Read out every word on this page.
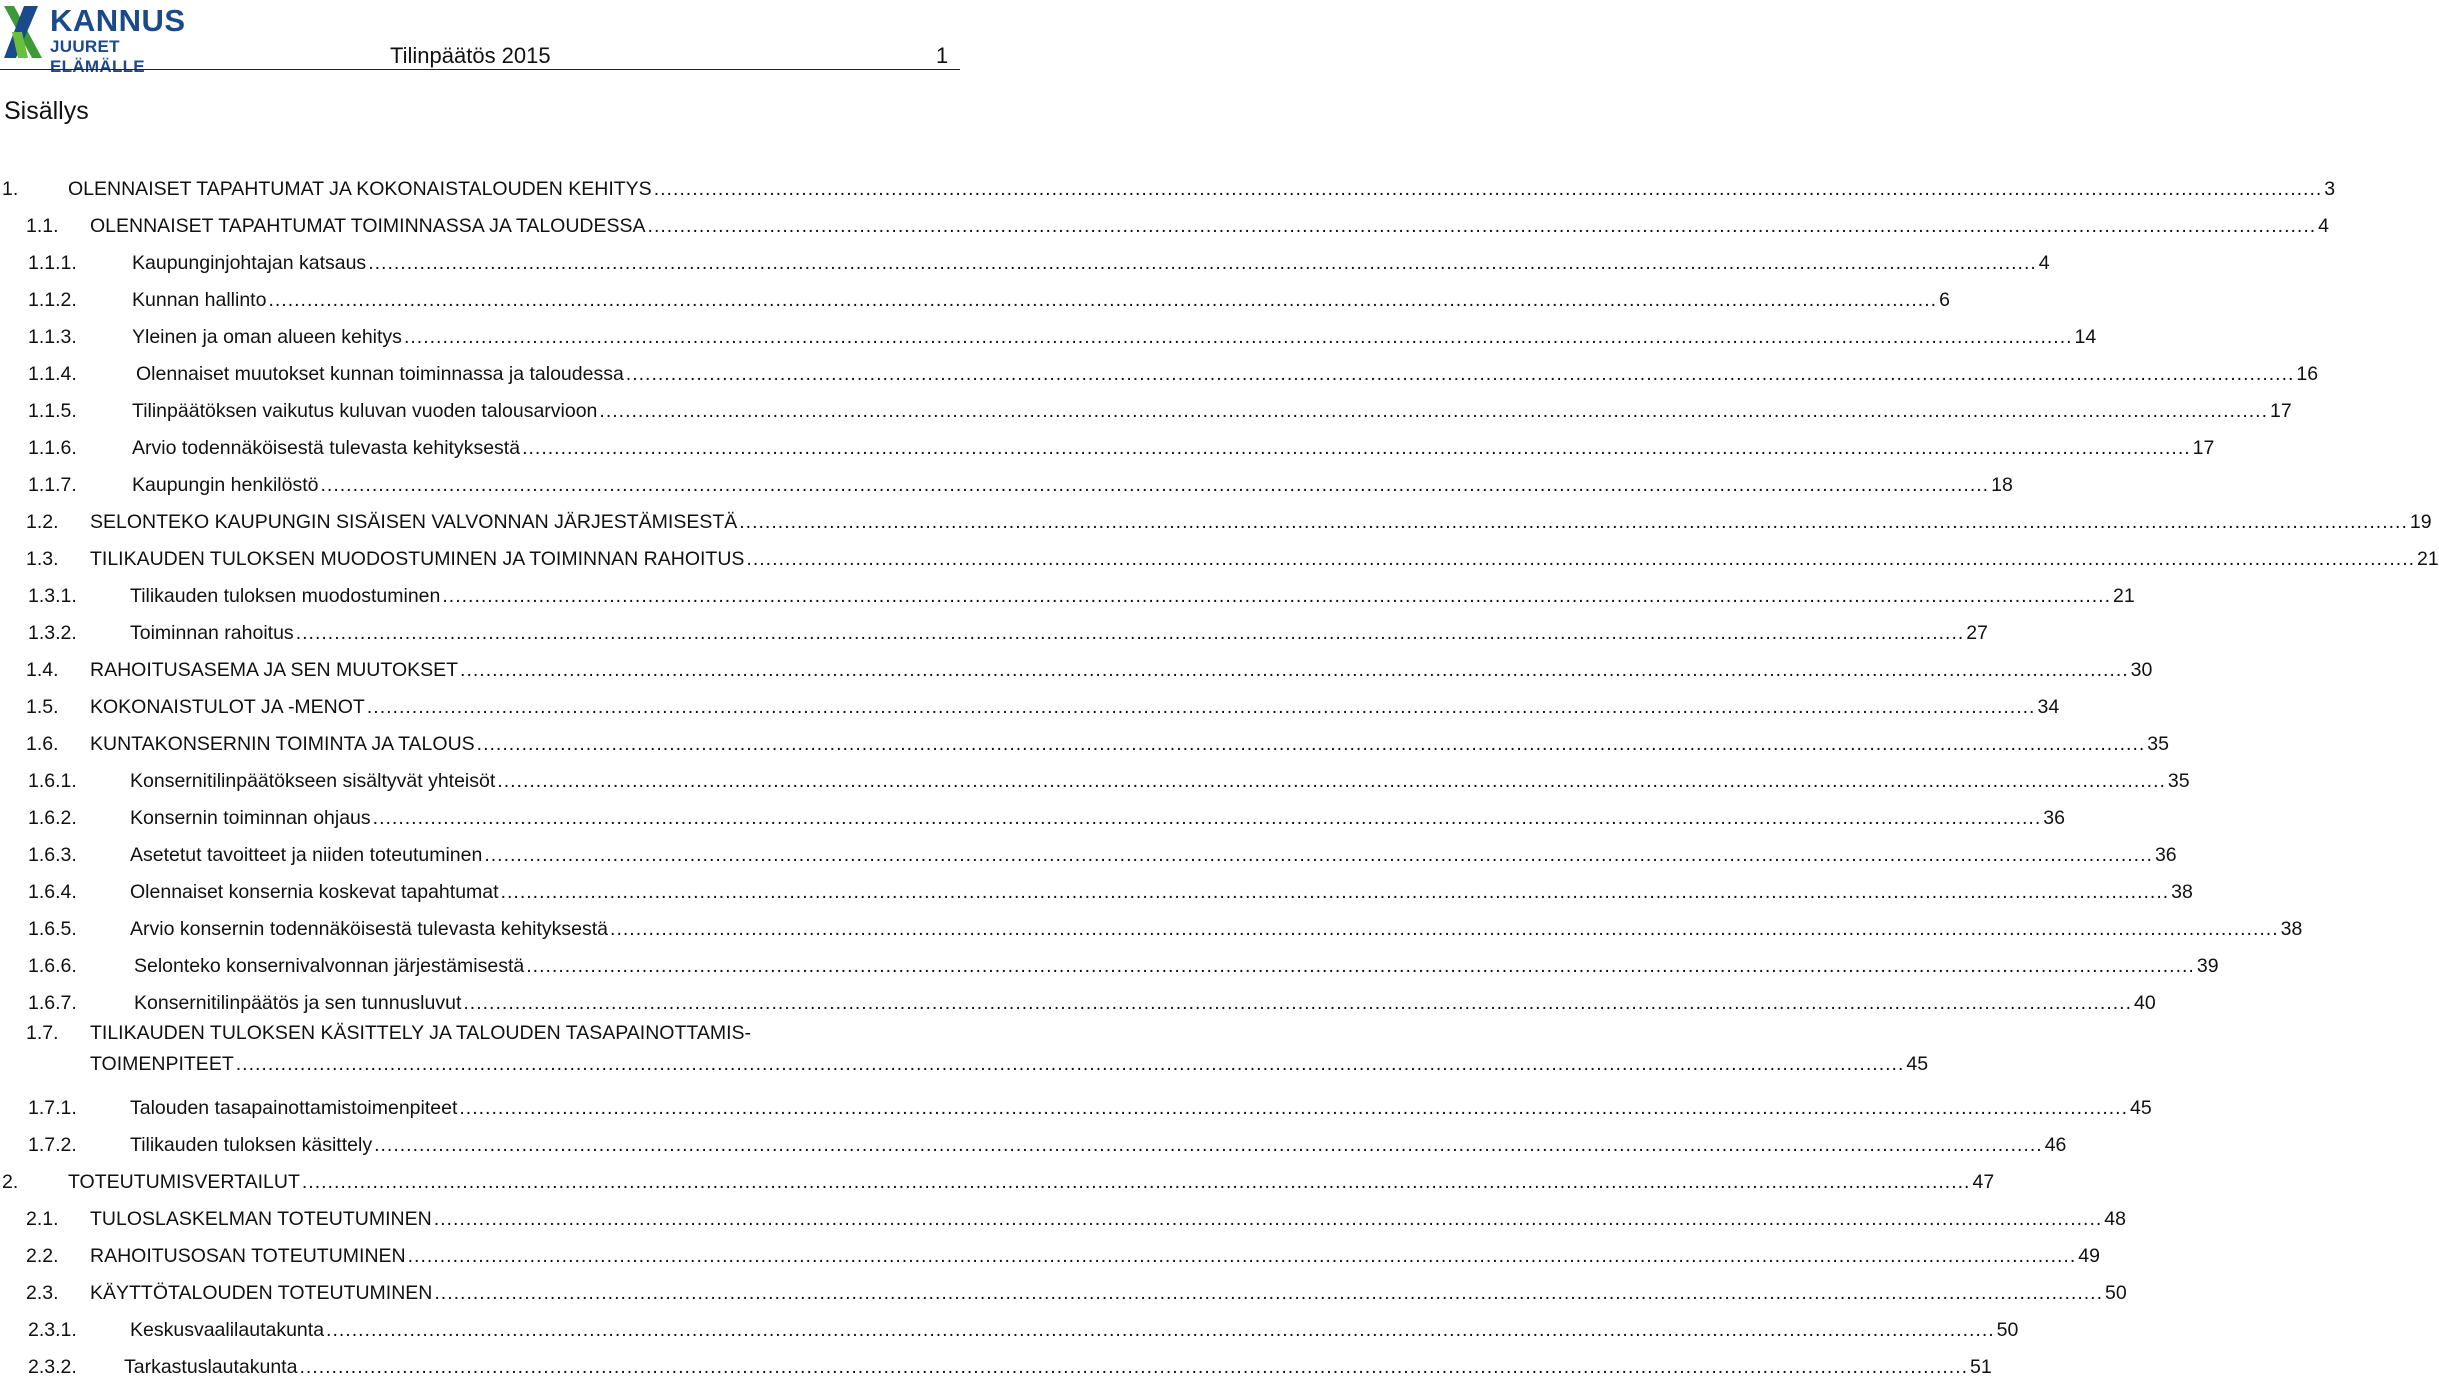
KANNUS
JUURET ELÄMÄLLE	Tilinpäätös 2015	1
Sisällys
1.	OLENNAISET TAPAHTUMAT JA KOKONAISTALOUDEN KEHITYS .................................................................................................................................................................................................................................................................... 3
1.1. OLENNAISET TAPAHTUMAT TOIMINNASSA JA TALOUDESSA .................................................................................................................................................................................................................................................................... 4
1.1.1.	Kaupunginjohtajan katsaus .................................................................................................................................................................................................................................................................... 4
1.1.2.	Kunnan hallinto .................................................................................................................................................................................................................................................................... 6
1.1.3.	Yleinen ja oman alueen kehitys .................................................................................................................................................................................................................................................................... 14
1.1.4.	Olennaiset muutokset kunnan toiminnassa ja taloudessa .................................................................................................................................................................................................................................................................... 16
1.1.5.	Tilinpäätöksen vaikutus kuluvan vuoden talousarvioon .................................................................................................................................................................................................................................................................... 17
1.1.6.	Arvio todennäköisestä tulevasta kehityksestä .................................................................................................................................................................................................................................................................... 17
1.1.7.	Kaupungin henkilöstö .................................................................................................................................................................................................................................................................... 18
1.2. SELONTEKO KAUPUNGIN SISÄISEN VALVONNAN JÄRJESTÄMISESTÄ .................................................................................................................................................................................................................................................................... 19
1.3. TILIKAUDEN TULOKSEN MUODOSTUMINEN JA TOIMINNAN RAHOITUS .................................................................................................................................................................................................................................................................... 21
1.3.1.	Tilikauden tuloksen muodostuminen .................................................................................................................................................................................................................................................................... 21
1.3.2.	Toiminnan rahoitus .................................................................................................................................................................................................................................................................... 27
1.4. RAHOITUSASEMA JA SEN MUUTOKSET .................................................................................................................................................................................................................................................................... 30
1.5. KOKONAISTULOT JA -MENOT .................................................................................................................................................................................................................................................................... 34
1.6. KUNTAKONSERNIN TOIMINTA JA TALOUS .................................................................................................................................................................................................................................................................... 35
1.6.1.	Konsernitilinpäätökseen sisältyvät yhteisöt .................................................................................................................................................................................................................................................................... 35
1.6.2.	Konsernin toiminnan ohjaus .................................................................................................................................................................................................................................................................... 36
1.6.3.	Asetetut tavoitteet ja niiden toteutuminen .................................................................................................................................................................................................................................................................... 36
1.6.4.	Olennaiset konsernia koskevat tapahtumat .................................................................................................................................................................................................................................................................... 38
1.6.5.	Arvio konsernin todennäköisestä tulevasta kehityksestä .................................................................................................................................................................................................................................................................... 38
1.6.6.	Selonteko konsernivalvonnan järjestämisestä .................................................................................................................................................................................................................................................................... 39
1.6.7.	Konsernitilinpäätös ja sen tunnusluvut .................................................................................................................................................................................................................................................................... 40
1.7. TILIKAUDEN TULOKSEN KÄSITTELY JA TALOUDEN TASAPAINOTTAMIS-
TOIMENPITEET .................................................................................................................................................................................................................................................................... 45
1.7.1.	Talouden tasapainottamistoimenpiteet .................................................................................................................................................................................................................................................................... 45
1.7.2.	Tilikauden tuloksen käsittely .................................................................................................................................................................................................................................................................... 46
2.	TOTEUTUMISVERTAILUT .................................................................................................................................................................................................................................................................... 47
2.1. TULOSLASKELMAN TOTEUTUMINEN .................................................................................................................................................................................................................................................................... 48
2.2. RAHOITUSOSAN TOTEUTUMINEN .................................................................................................................................................................................................................................................................... 49
2.3. KÄYTTÖTALOUDEN TOTEUTUMINEN .................................................................................................................................................................................................................................................................... 50
2.3.1.	Keskusvaalilautakunta .................................................................................................................................................................................................................................................................... 50
2.3.2. Tarkastuslautakunta .................................................................................................................................................................................................................................................................... 51
